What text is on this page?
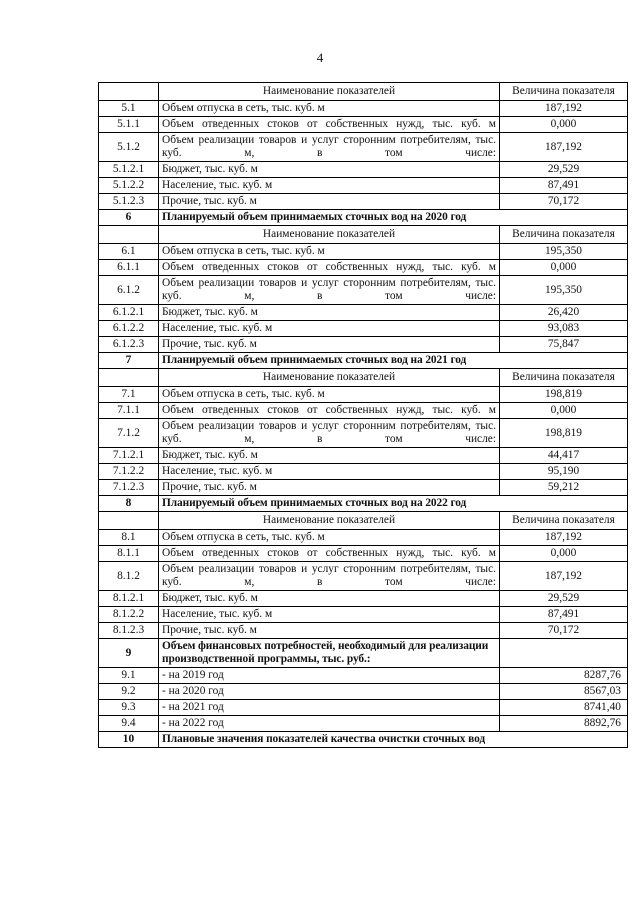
4
	Наименование показателей	Величина показателя
5.1	Объем отпуска в сеть, тыс. куб. м	187,192
5.1.1	Объем отведенных стоков от собственных нужд, тыс. куб. м	0,000
5.1.2	Объем реализации товаров и услуг сторонним потребителям, тыс. куб. м, в том числе:	187,192
5.1.2.1	Бюджет, тыс. куб. м	29,529
5.1.2.2	Население, тыс. куб. м	87,491
5.1.2.3	Прочие, тыс. куб. м	70,172
6	Планируемый объем принимаемых сточных вод на 2020 год	
	Наименование показателей	Величина показателя
6.1	Объем отпуска в сеть, тыс. куб. м	195,350
6.1.1	Объем отведенных стоков от собственных нужд, тыс. куб. м	0,000
6.1.2	Объем реализации товаров и услуг сторонним потребителям, тыс. куб. м, в том числе:	195,350
6.1.2.1	Бюджет, тыс. куб. м	26,420
6.1.2.2	Население, тыс. куб. м	93,083
6.1.2.3	Прочие, тыс. куб. м	75,847
7	Планируемый объем принимаемых сточных вод на 2021 год	
	Наименование показателей	Величина показателя
7.1	Объем отпуска в сеть, тыс. куб. м	198,819
7.1.1	Объем отведенных стоков от собственных нужд, тыс. куб. м	0,000
7.1.2	Объем реализации товаров и услуг сторонним потребителям, тыс. куб. м, в том числе:	198,819
7.1.2.1	Бюджет, тыс. куб. м	44,417
7.1.2.2	Население, тыс. куб. м	95,190
7.1.2.3	Прочие, тыс. куб. м	59,212
8	Планируемый объем принимаемых сточных вод на 2022 год	
	Наименование показателей	Величина показателя
8.1	Объем отпуска в сеть, тыс. куб. м	187,192
8.1.1	Объем отведенных стоков от собственных нужд, тыс. куб. м	0,000
8.1.2	Объем реализации товаров и услуг сторонним потребителям, тыс. куб. м, в том числе:	187,192
8.1.2.1	Бюджет, тыс. куб. м	29,529
8.1.2.2	Население, тыс. куб. м	87,491
8.1.2.3	Прочие, тыс. куб. м	70,172
9	Объем финансовых потребностей, необходимый для реализации производственной программы, тыс. руб.:	
9.1	- на 2019 год	8287,76
9.2	- на 2020 год	8567,03
9.3	- на 2021 год	8741,40
9.4	- на 2022 год	8892,76
10	Плановые значения показателей качества очистки сточных вод	
